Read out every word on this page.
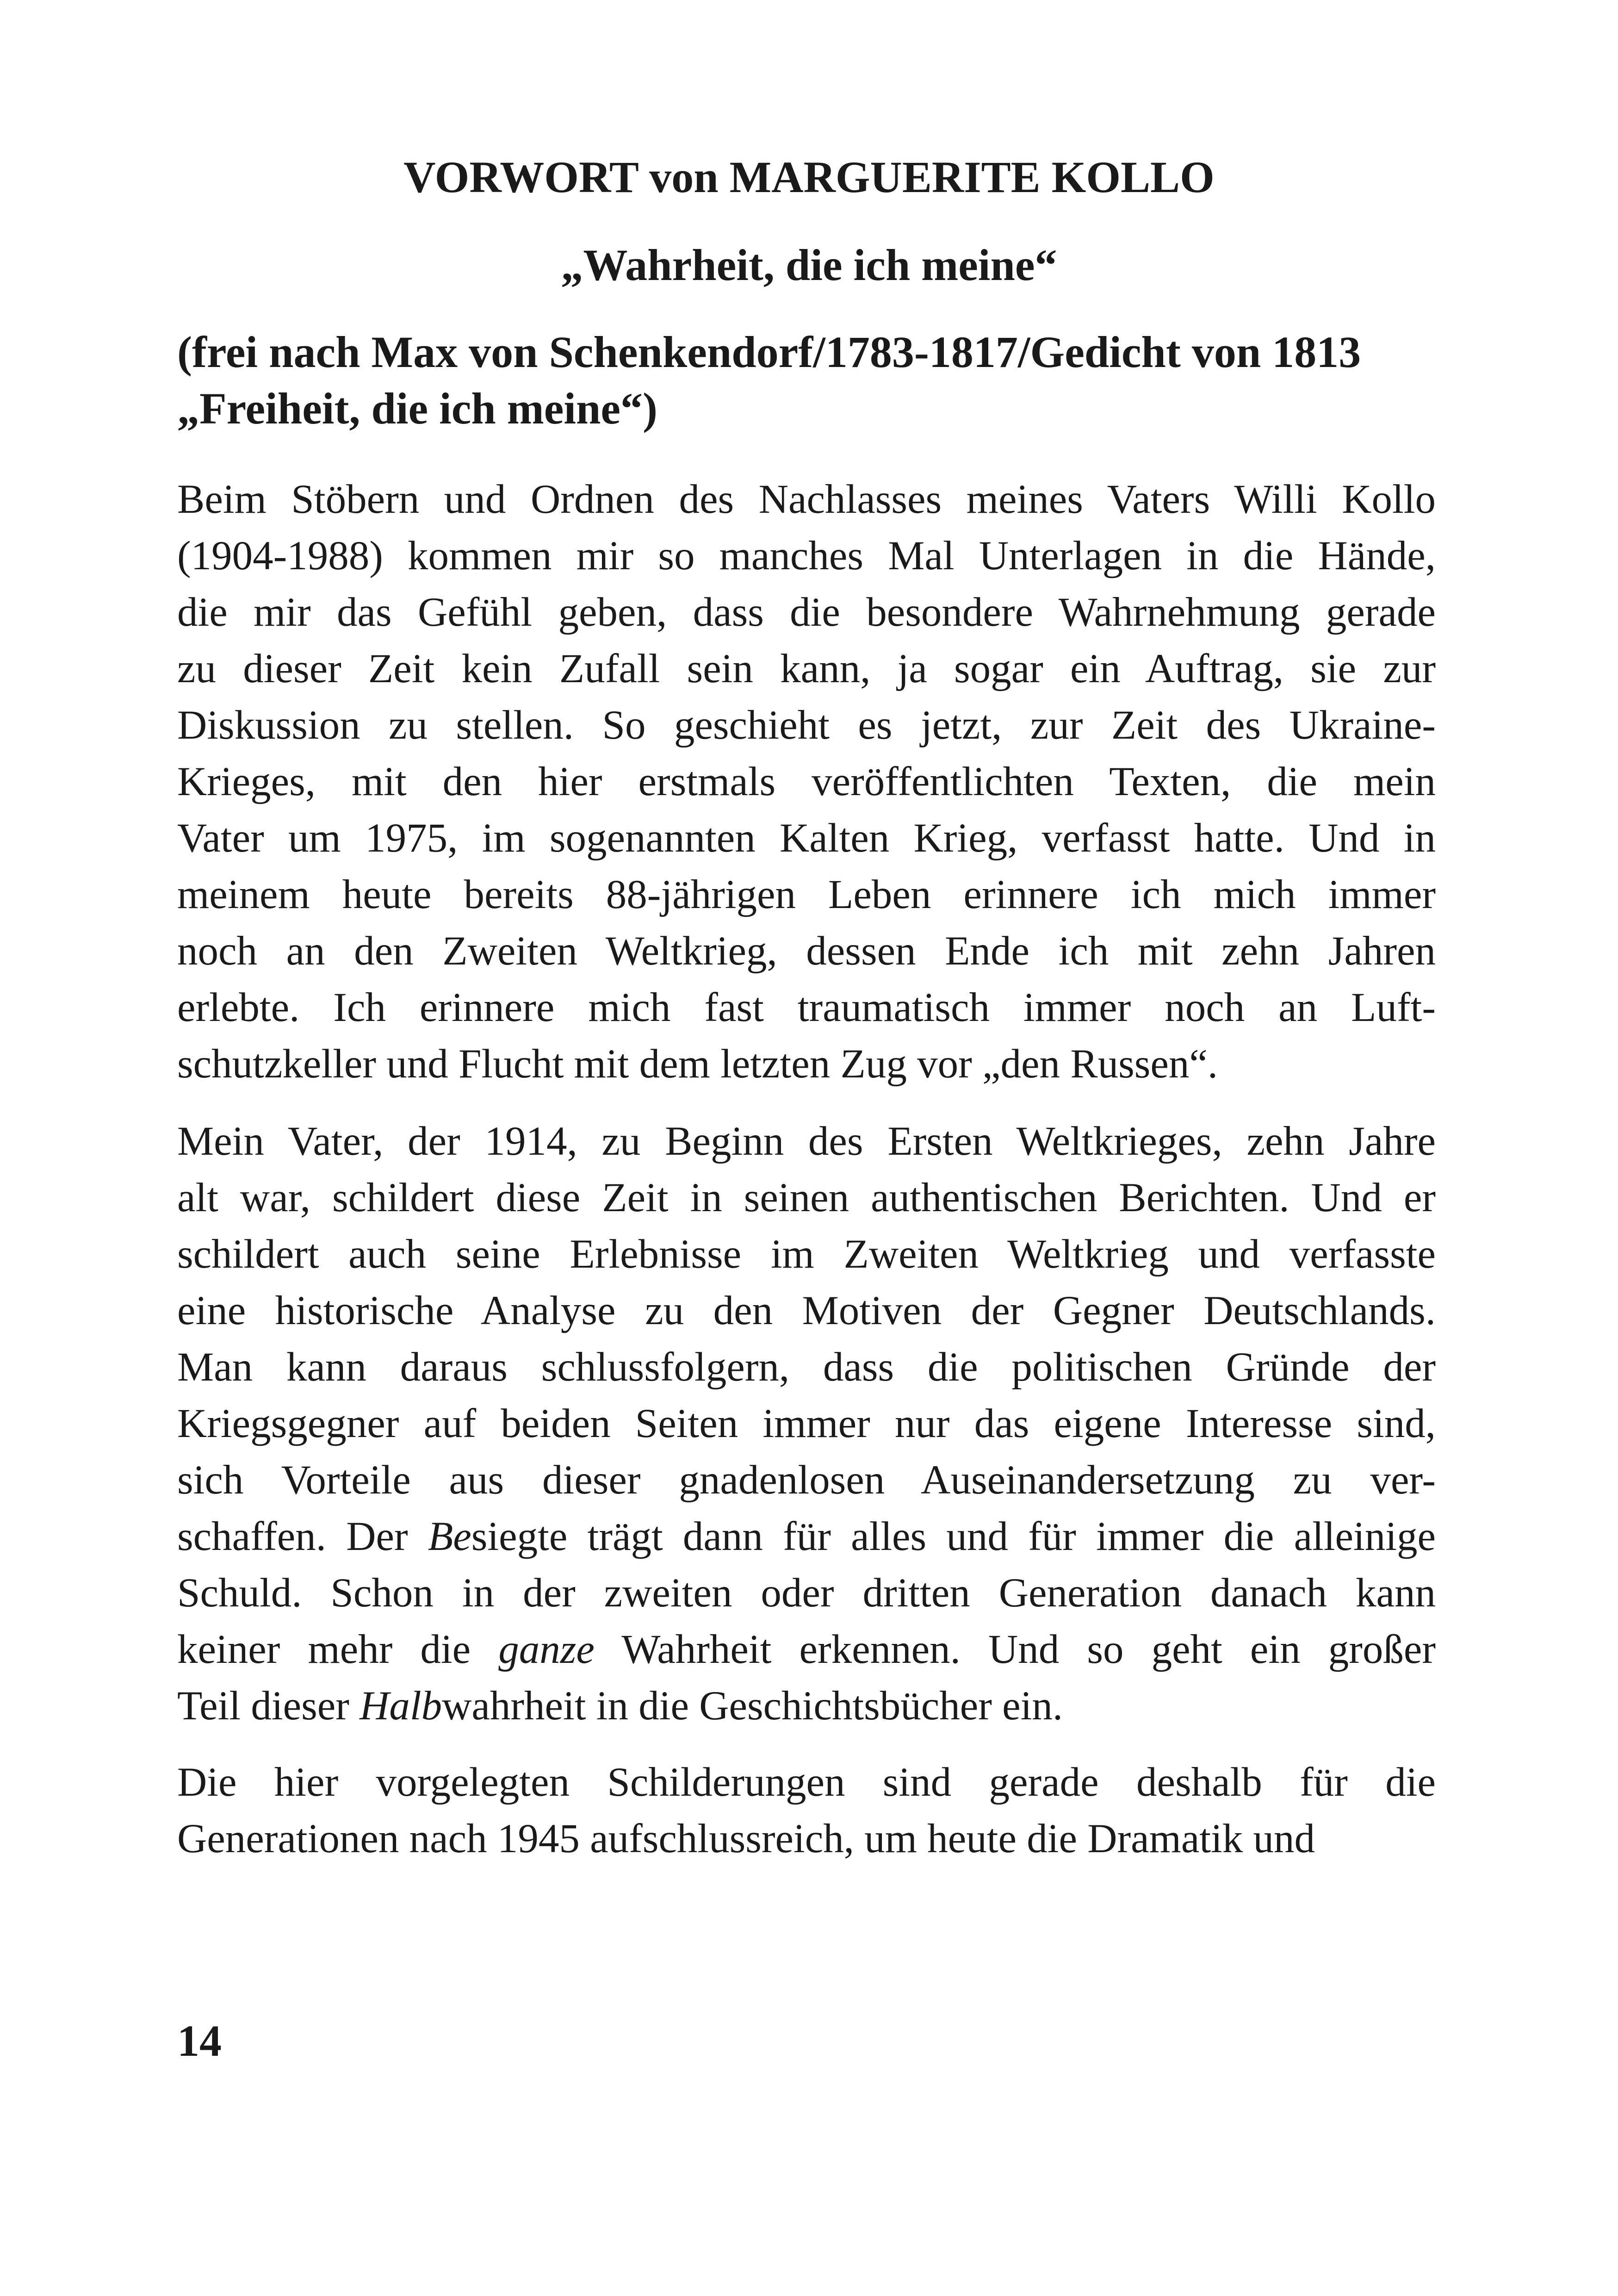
VORWORT von MARGUERITE KOLLO
„Wahrheit, die ich meine“
(frei nach Max von Schenkendorf/1783-1817/Gedicht von 1813
„Freiheit, die ich meine“)
Beim Stöbern und Ordnen des Nachlasses meines Vaters Willi Kollo
(1904-1988) kommen mir so manches Mal Unterlagen in die Hände,
die mir das Gefühl geben, dass die besondere Wahrnehmung gerade
zu dieser Zeit kein Zufall sein kann, ja sogar ein Auftrag, sie zur
Diskussion zu stellen. So geschieht es jetzt, zur Zeit des Ukraine-
Krieges, mit den hier erstmals veröffentlichten Texten, die mein
Vater um 1975, im sogenannten Kalten Krieg, verfasst hatte. Und in
meinem heute bereits 88-jährigen Leben erinnere ich mich immer
noch an den Zweiten Weltkrieg, dessen Ende ich mit zehn Jahren
erlebte. Ich erinnere mich fast traumatisch immer noch an Luft-
schutzkeller und Flucht mit dem letzten Zug vor „den Russen“.
Mein Vater, der 1914, zu Beginn des Ersten Weltkrieges, zehn Jahre
alt war, schildert diese Zeit in seinen authentischen Berichten. Und er
schildert auch seine Erlebnisse im Zweiten Weltkrieg und verfasste
eine historische Analyse zu den Motiven der Gegner Deutschlands.
Man kann daraus schlussfolgern, dass die politischen Gründe der
Kriegsgegner auf beiden Seiten immer nur das eigene Interesse sind,
sich Vorteile aus dieser gnadenlosen Auseinandersetzung zu ver-
schaffen. Der Besiegte trägt dann für alles und für immer die alleinige
Schuld. Schon in der zweiten oder dritten Generation danach kann
keiner mehr die ganze Wahrheit erkennen. Und so geht ein großer
Teil dieser Halbwahrheit in die Geschichtsbücher ein.
Die hier vorgelegten Schilderungen sind gerade deshalb für die
Generationen nach 1945 aufschlussreich, um heute die Dramatik und

14
